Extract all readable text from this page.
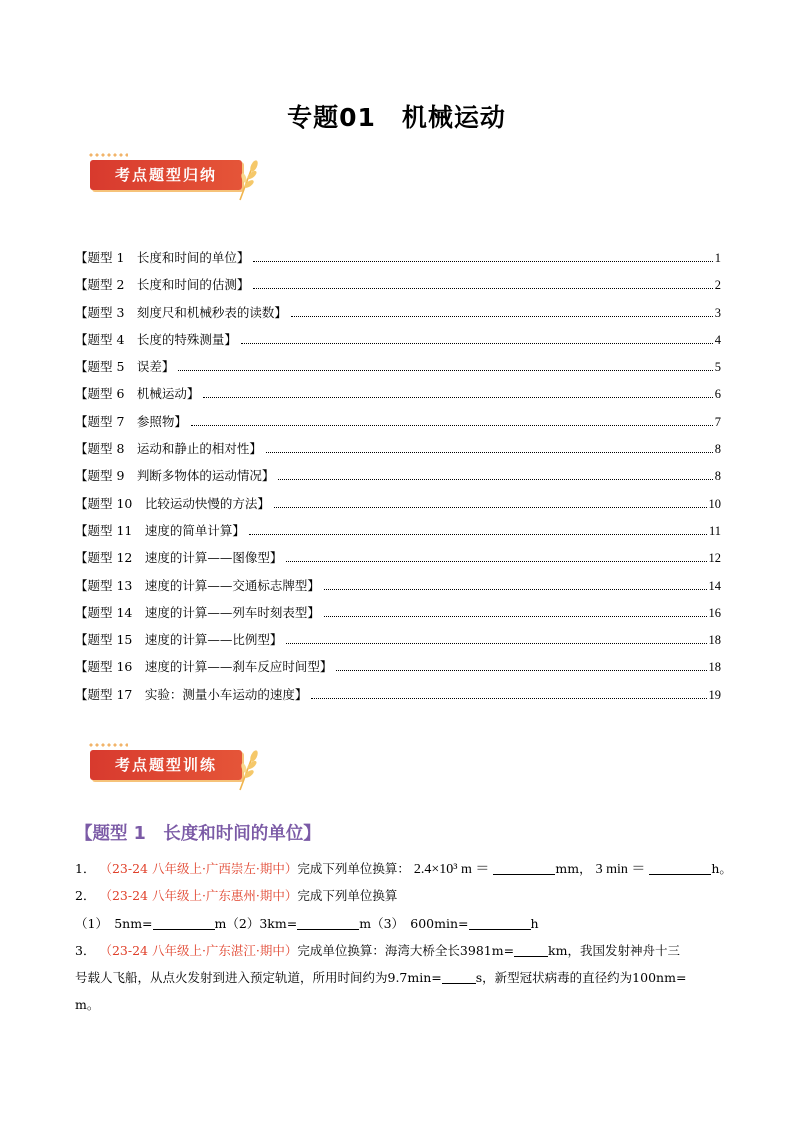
专题01　机械运动
考点题型归纳
【题型 1　长度和时间的单位】	1
【题型 2　长度和时间的估测】	2
【题型 3　刻度尺和机械秒表的读数】	3
【题型 4　长度的特殊测量】	4
【题型 5　误差】	5
【题型 6　机械运动】	6
【题型 7　参照物】	7
【题型 8　运动和静止的相对性】	8
【题型 9　判断多物体的运动情况】	8
【题型 10　比较运动快慢的方法】	10
【题型 11　速度的简单计算】	11
【题型 12　速度的计算——图像型】	12
【题型 13　速度的计算——交通标志牌型】	14
【题型 14　速度的计算——列车时刻表型】	16
【题型 15　速度的计算——比例型】	18
【题型 16　速度的计算——刹车反应时间型】	18
【题型 17　实验：测量小车运动的速度】	19
考点题型训练
【题型 1　长度和时间的单位】
1． （23-24 八年级上·广西崇左·期中）完成下列单位换算： 2.4×10³ m ＝	mm， 3 min ＝	h。
2． （23-24 八年级上·广东惠州·期中）完成下列单位换算
（1）　5nm=	m（2）3km=	m（3）　600min=	h
3． （23-24 八年级上·广东湛江·期中）完成单位换算：海湾大桥全长3981m=	km，我国发射神舟十三
号载人飞船，从点火发射到进入预定轨道，所用时间约为9.7min=	s，新型冠状病毒的直径约为100nm=
m。
